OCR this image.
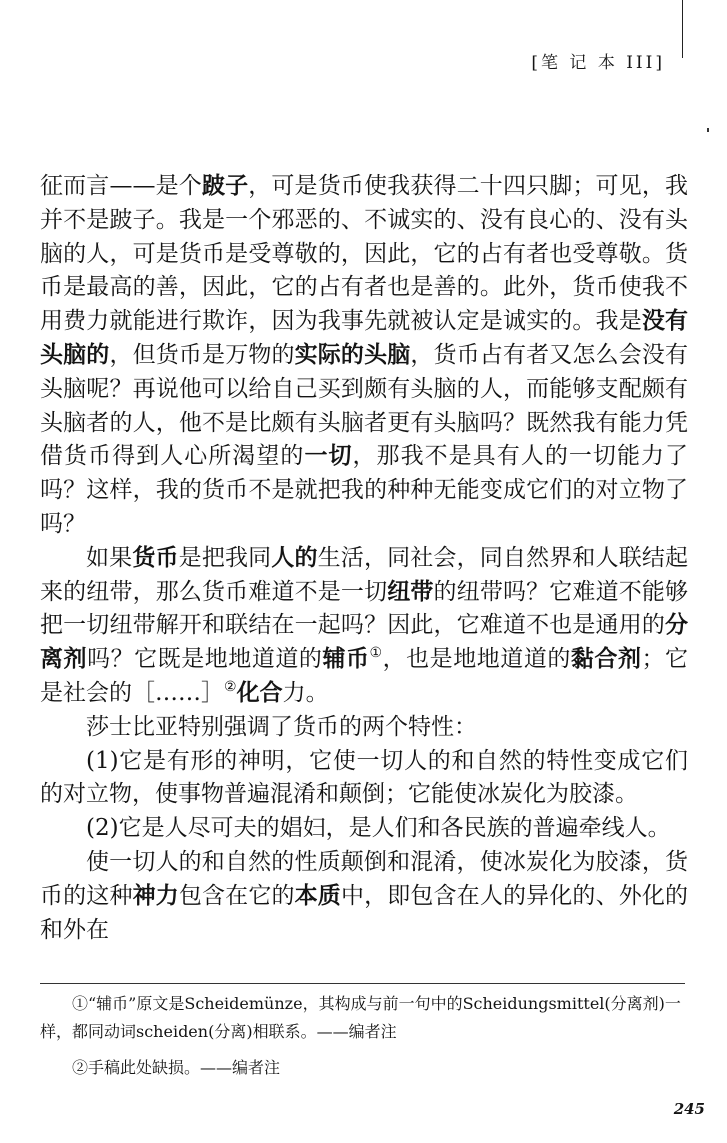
[笔 记 本 III]

征而言——是个跛子，可是货币使我获得二十四只脚；可见，我并不是跛子。我是一个邪恶的、不诚实的、没有良心的、没有头脑的人，可是货币是受尊敬的，因此，它的占有者也受尊敬。货币是最高的善，因此，它的占有者也是善的。此外，货币使我不用费力就能进行欺诈，因为我事先就被认定是诚实的。我是没有头脑的，但货币是万物的实际的头脑，货币占有者又怎么会没有头脑呢？再说他可以给自己买到颇有头脑的人，而能够支配颇有头脑者的人，他不是比颇有头脑者更有头脑吗？既然我有能力凭借货币得到人心所渴望的一切，那我不是具有人的一切能力了吗？这样，我的货币不是就把我的种种无能变成它们的对立物了吗？

如果货币是把我同人的生活，同社会，同自然界和人联结起来的纽带，那么货币难道不是一切纽带的纽带吗？它难道不能够把一切纽带解开和联结在一起吗？因此，它难道不也是通用的分离剂吗？它既是地地道道的辅币①，也是地地道道的黏合剂；它是社会的［……］②化合力。

莎士比亚特别强调了货币的两个特性：

(1)它是有形的神明，它使一切人的和自然的特性变成它们的对立物，使事物普遍混淆和颠倒；它能使冰炭化为胶漆。

(2)它是人尽可夫的娼妇，是人们和各民族的普遍牵线人。

使一切人的和自然的性质颠倒和混淆，使冰炭化为胶漆，货币的这种神力包含在它的本质中，即包含在人的异化的、外化的和外在

①“辅币”原文是Scheidemünze，其构成与前一句中的Scheidungsmittel(分离剂)一样，都同动词scheiden(分离)相联系。——编者注

②手稿此处缺损。——编者注

245
